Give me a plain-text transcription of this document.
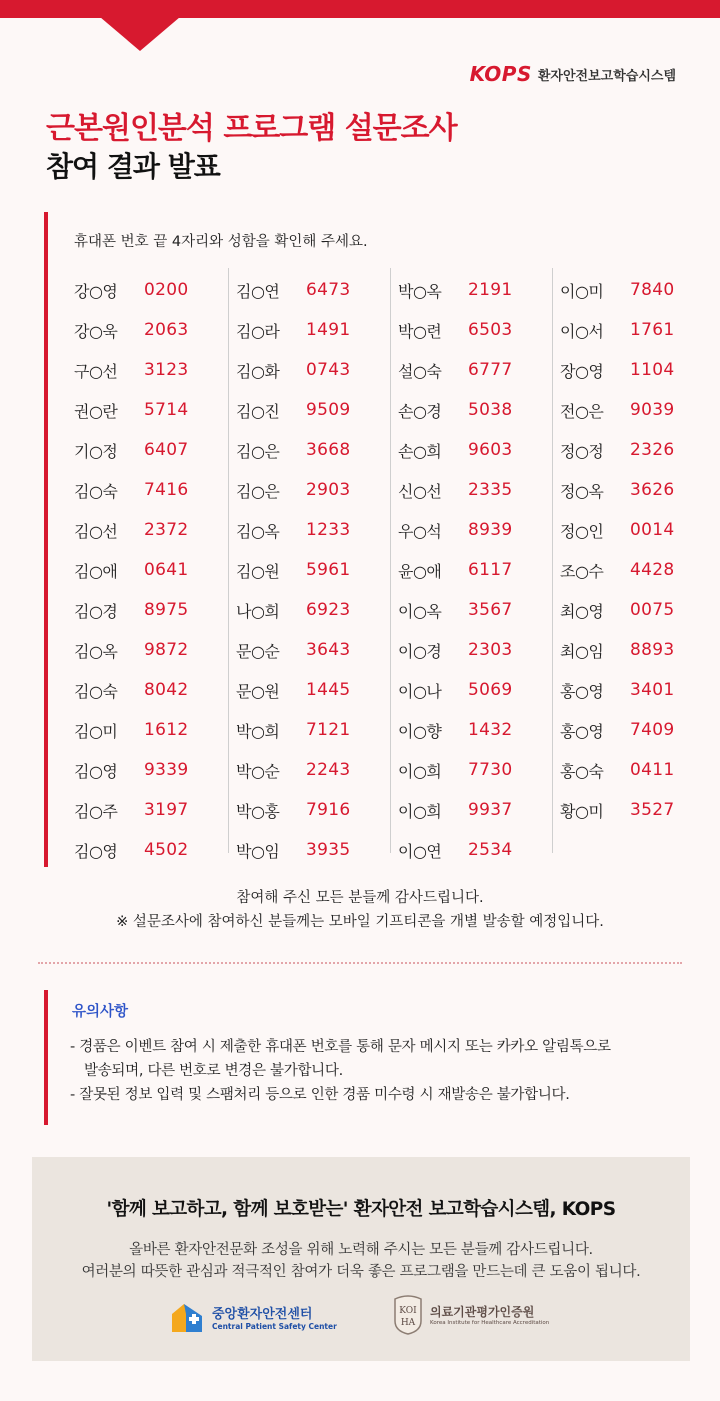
KOPS 환자안전보고학습시스템
근본원인분석 프로그램 설문조사
참여 결과 발표

휴대폰 번호 끝 4자리와 성함을 확인해 주세요.

강○영 0200
강○욱 2063
구○선 3123
권○란 5714
기○정 6407
김○숙 7416
김○선 2372
김○애 0641
김○경 8975
김○옥 9872
김○숙 8042
김○미 1612
김○영 9339
김○주 3197
김○영 4502
김○연 6473
김○라 1491
김○화 0743
김○진 9509
김○은 3668
김○은 2903
김○옥 1233
김○원 5961
나○희 6923
문○순 3643
문○원 1445
박○희 7121
박○순 2243
박○홍 7916
박○임 3935
박○옥 2191
박○련 6503
설○숙 6777
손○경 5038
손○희 9603
신○선 2335
우○석 8939
윤○애 6117
이○옥 3567
이○경 2303
이○나 5069
이○향 1432
이○희 7730
이○희 9937
이○연 2534
이○미 7840
이○서 1761
장○영 1104
전○은 9039
정○정 2326
정○옥 3626
정○인 0014
조○수 4428
최○영 0075
최○임 8893
홍○영 3401
홍○영 7409
홍○숙 0411
황○미 3527
참여해 주신 모든 분들께 감사드립니다.
※ 설문조사에 참여하신 분들께는 모바일 기프티콘을 개별 발송할 예정입니다.
유의사항
- 경품은 이벤트 참여 시 제출한 휴대폰 번호를 통해 문자 메시지 또는 카카오 알림톡으로
발송되며, 다른 번호로 변경은 불가합니다.
- 잘못된 정보 입력 및 스팸처리 등으로 인한 경품 미수령 시 재발송은 불가합니다.
'함께 보고하고, 함께 보호받는' 환자안전 보고학습시스템, KOPS
올바른 환자안전문화 조성을 위해 노력해 주시는 모든 분들께 감사드립니다.
여러분의 따뜻한 관심과 적극적인 참여가 더욱 좋은 프로그램을 만드는데 큰 도움이 됩니다.
중앙환자안전센터
Central Patient Safety Center
KOI
HA
의료기관평가인증원
Korea Institute for Healthcare Accreditation
